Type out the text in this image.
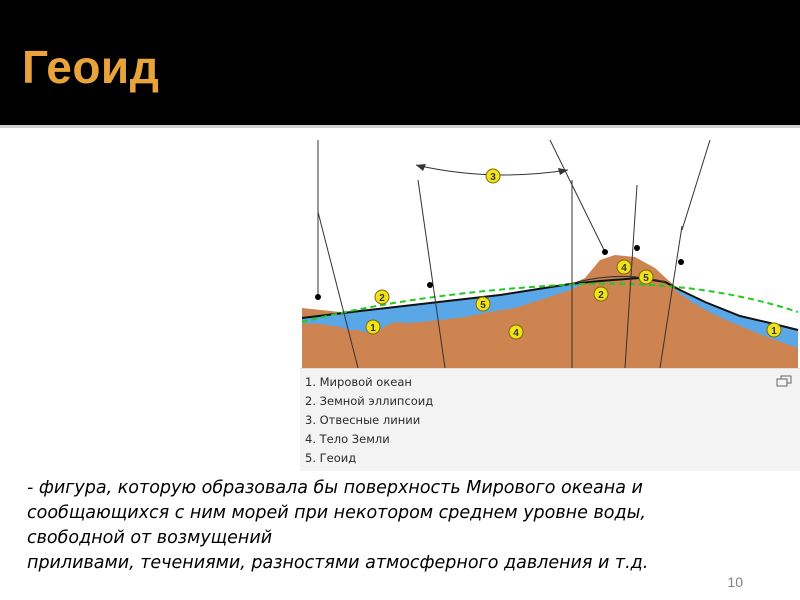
Геоид
1
2
3
4
5
1
2
4
5
1. Мировой океан
2. Земной эллипсоид
3. Отвесные линии
4. Тело Земли
5. Геоид
- фигура, которую образовала бы поверхность Мирового океана и
сообщающихся с ним морей при некотором среднем уровне воды,
свободной от возмущений
приливами, течениями, разностями атмосферного давления и т.д.
10
